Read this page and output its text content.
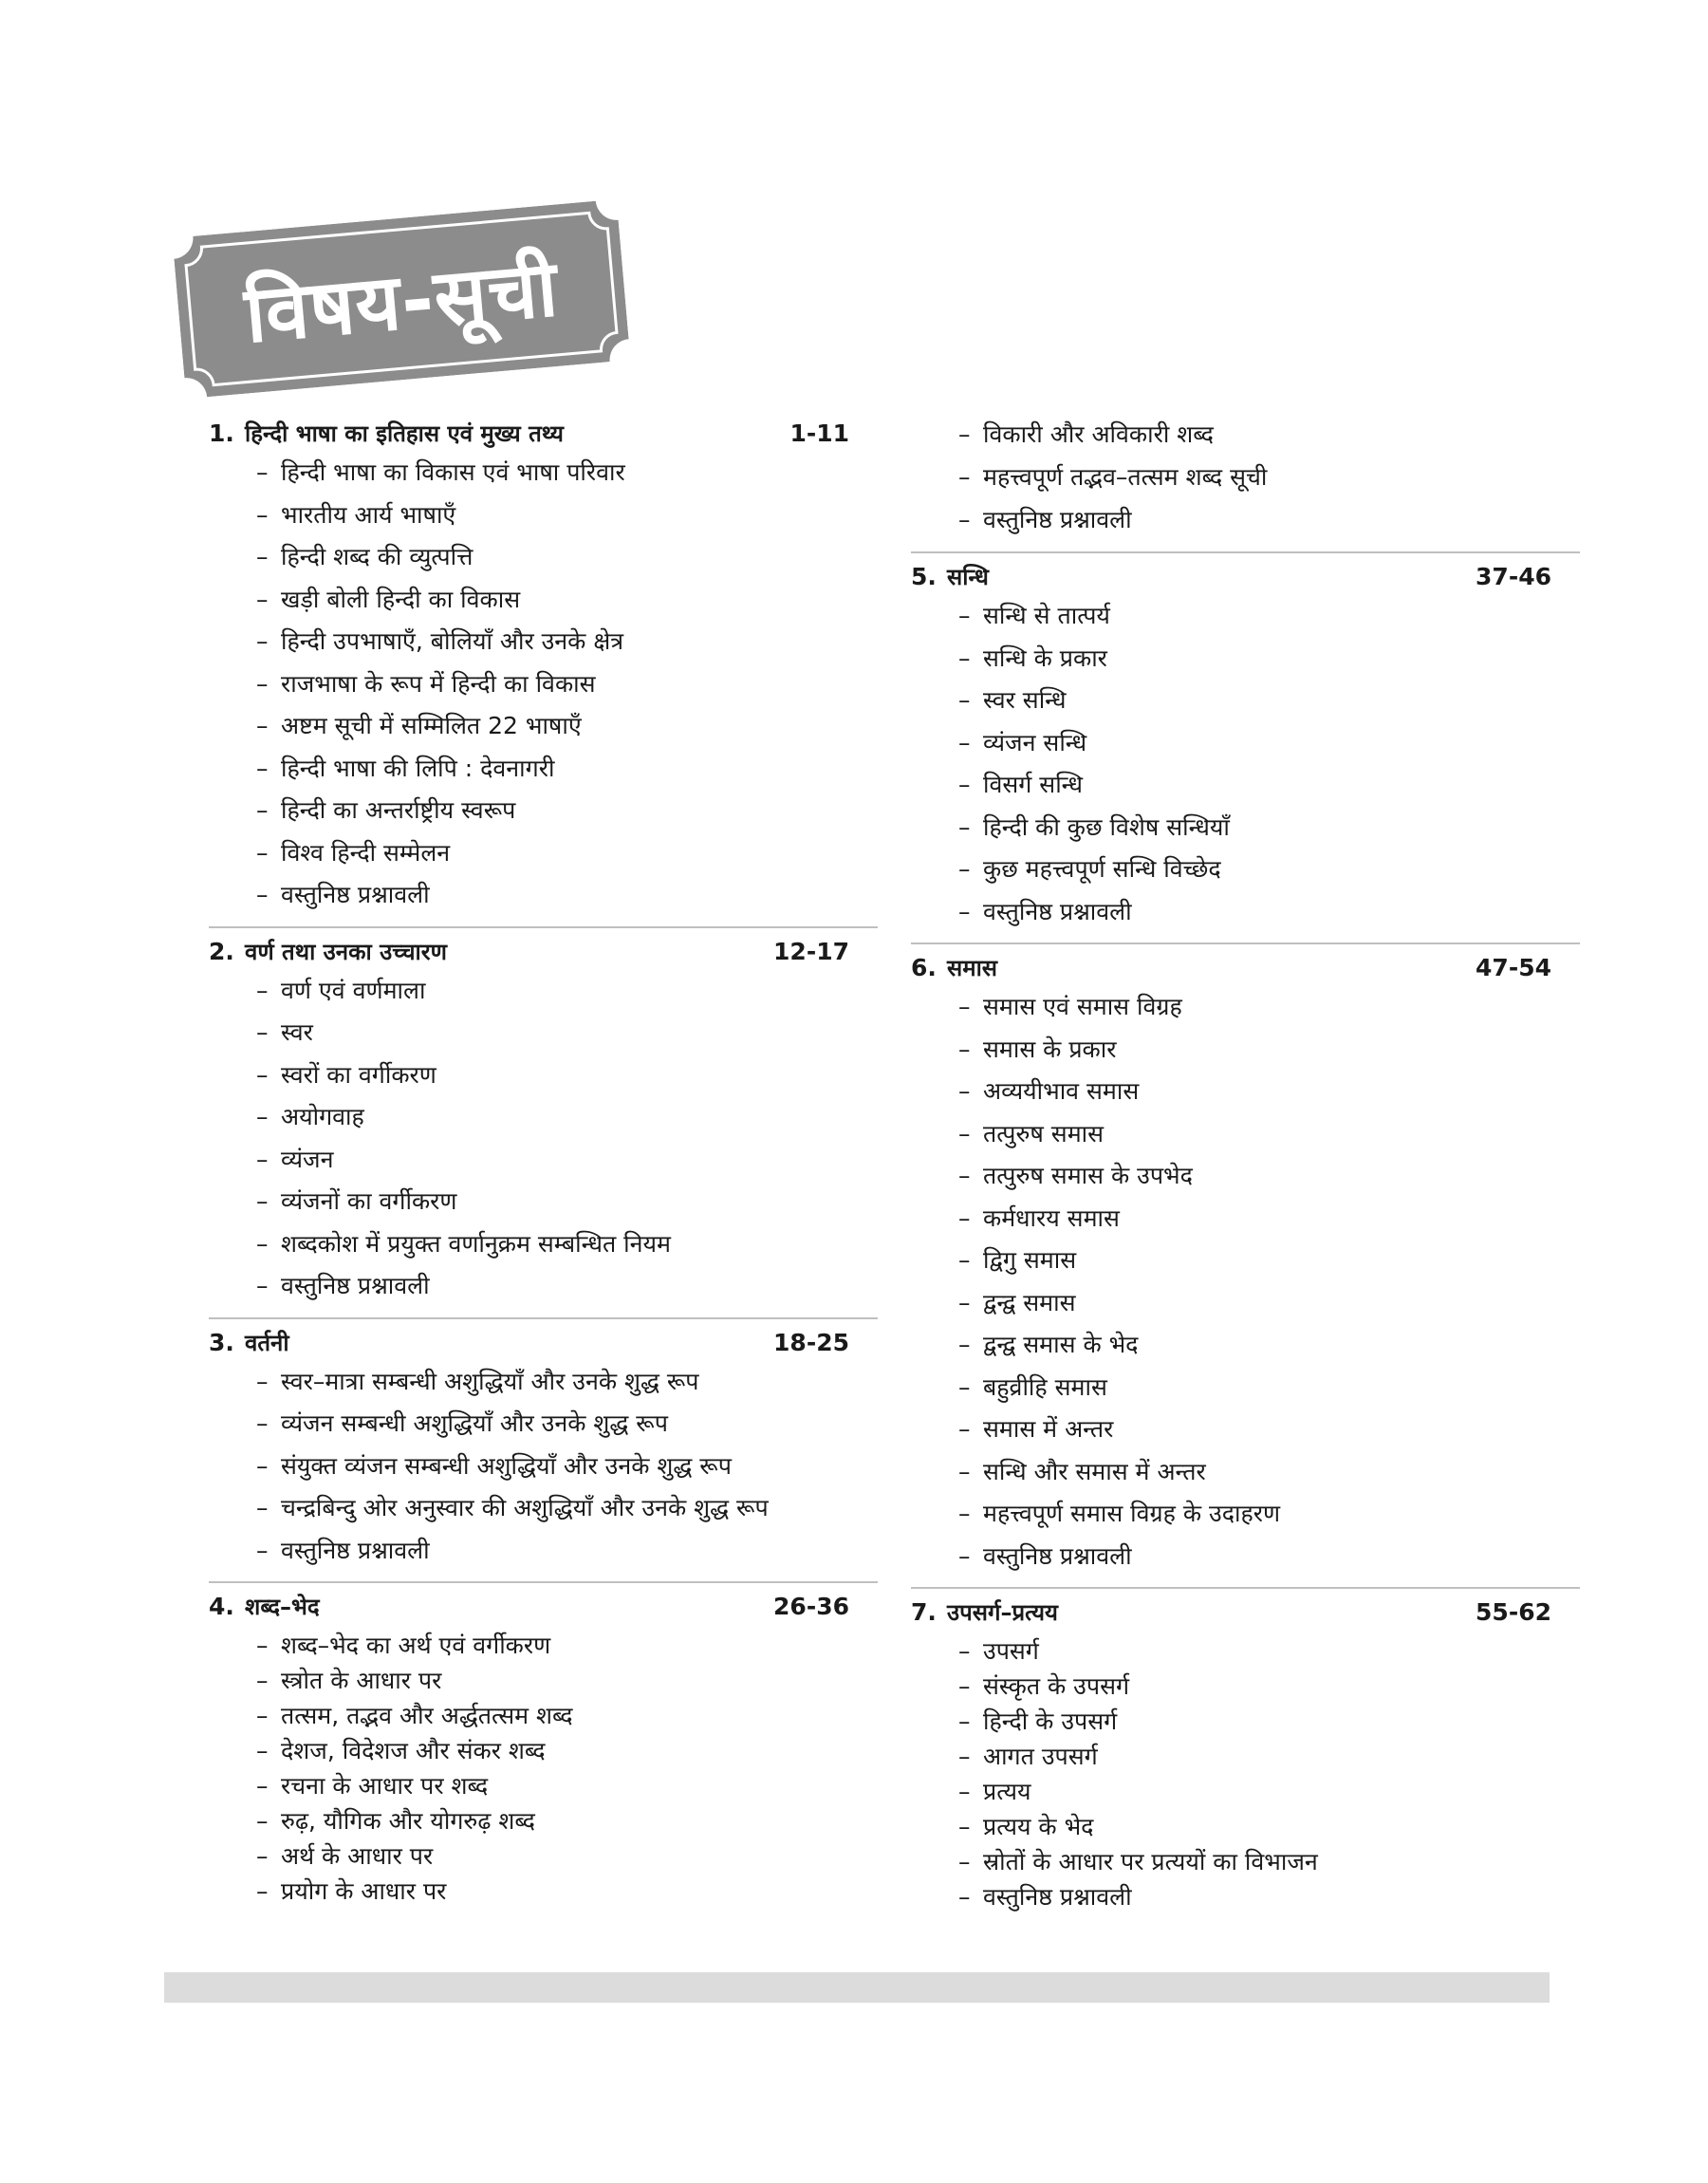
विषय-सूची
1. हिन्दी भाषा का इतिहास एवं मुख्य तथ्य	1-11
– हिन्दी भाषा का विकास एवं भाषा परिवार
– भारतीय आर्य भाषाएँ
– हिन्दी शब्द की व्युत्पत्ति
– खड़ी बोली हिन्दी का विकास
– हिन्दी उपभाषाएँ, बोलियाँ और उनके क्षेत्र
– राजभाषा के रूप में हिन्दी का विकास
– अष्टम सूची में सम्मिलित 22 भाषाएँ
– हिन्दी भाषा की लिपि : देवनागरी
– हिन्दी का अन्तर्राष्ट्रीय स्वरूप
– विश्व हिन्दी सम्मेलन
– वस्तुनिष्ठ प्रश्नावली
2. वर्ण तथा उनका उच्चारण	12-17
– वर्ण एवं वर्णमाला
– स्वर
– स्वरों का वर्गीकरण
– अयोगवाह
– व्यंजन
– व्यंजनों का वर्गीकरण
– शब्दकोश में प्रयुक्त वर्णानुक्रम सम्बन्धित नियम
– वस्तुनिष्ठ प्रश्नावली
3. वर्तनी	18-25
– स्वर–मात्रा सम्बन्धी अशुद्धियाँ और उनके शुद्ध रूप
– व्यंजन सम्बन्धी अशुद्धियाँ और उनके शुद्ध रूप
– संयुक्त व्यंजन सम्बन्धी अशुद्धियाँ और उनके शुद्ध रूप
– चन्द्रबिन्दु ओर अनुस्वार की अशुद्धियाँ और उनके शुद्ध रूप
– वस्तुनिष्ठ प्रश्नावली
4. शब्द–भेद	26-36
– शब्द–भेद का अर्थ एवं वर्गीकरण
– स्त्रोत के आधार पर
– तत्सम, तद्भव और अर्द्धतत्सम शब्द
– देशज, विदेशज और संकर शब्द
– रचना के आधार पर शब्द
– रुढ़, यौगिक और योगरुढ़ शब्द
– अर्थ के आधार पर
– प्रयोग के आधार पर
– विकारी और अविकारी शब्द
– महत्त्वपूर्ण तद्भव–तत्सम शब्द सूची
– वस्तुनिष्ठ प्रश्नावली
5. सन्धि	37-46
– सन्धि से तात्पर्य
– सन्धि के प्रकार
– स्वर सन्धि
– व्यंजन सन्धि
– विसर्ग सन्धि
– हिन्दी की कुछ विशेष सन्धियाँ
– कुछ महत्त्वपूर्ण सन्धि विच्छेद
– वस्तुनिष्ठ प्रश्नावली
6. समास	47-54
– समास एवं समास विग्रह
– समास के प्रकार
– अव्ययीभाव समास
– तत्पुरुष समास
– तत्पुरुष समास के उपभेद
– कर्मधारय समास
– द्विगु समास
– द्वन्द्व समास
– द्वन्द्व समास के भेद
– बहुव्रीहि समास
– समास में अन्तर
– सन्धि और समास में अन्तर
– महत्त्वपूर्ण समास विग्रह के उदाहरण
– वस्तुनिष्ठ प्रश्नावली
7. उपसर्ग–प्रत्यय	55-62
– उपसर्ग
– संस्कृत के उपसर्ग
– हिन्दी के उपसर्ग
– आगत उपसर्ग
– प्रत्यय
– प्रत्यय के भेद
– स्रोतों के आधार पर प्रत्ययों का विभाजन
– वस्तुनिष्ठ प्रश्नावली
